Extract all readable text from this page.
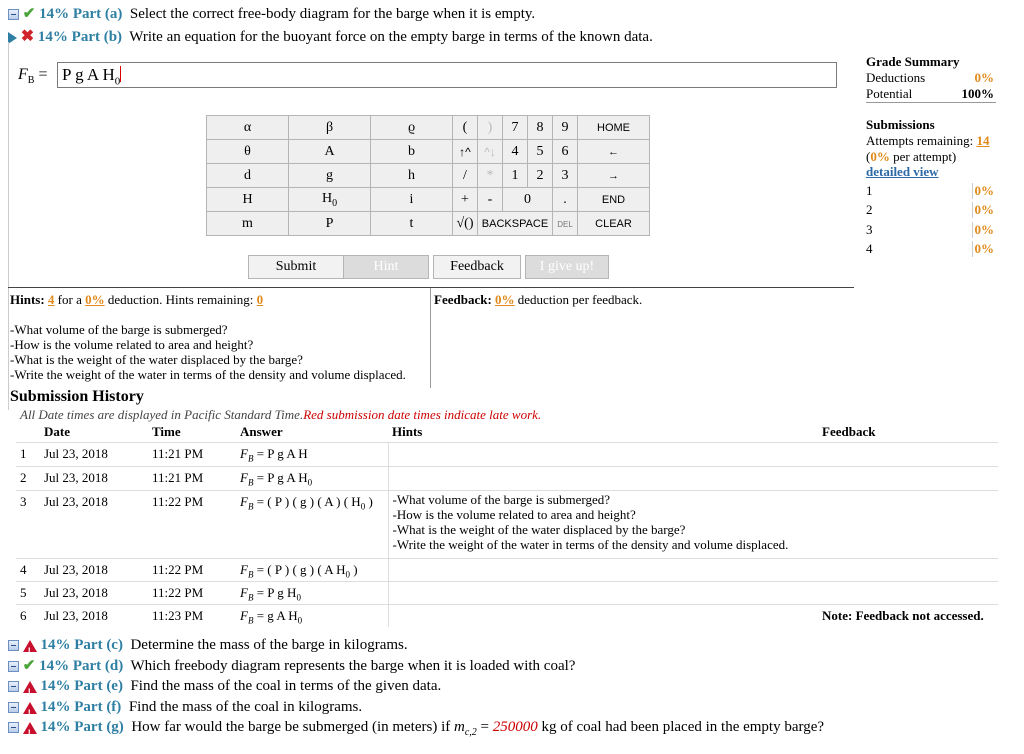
✔ 14% Part (a) Select the correct free-body diagram for the barge when it is empty.
✖ 14% Part (b) Write an equation for the buoyant force on the empty barge in terms of the known data.
$F_B = P$ g A $H_0$
α	β	ϱ	(	)	7	8	9	HOME
θ	A	b	↑^	^↓	4	5	6	←
d	g	h	/	*	1	2	3	→
H	$H_0$	i	+	-	0		.	END
m	P	t	√()	BACKSPACE			DEL	CLEAR
Submit	Hint	Feedback	I give up!
Hints: 4 for a 0% deduction. Hints remaining: 0	Feedback: 0% deduction per feedback.
-What volume of the barge is submerged?
-How is the volume related to area and height?
-What is the weight of the water displaced by the barge?
-Write the weight of the water in terms of the density and volume displaced.
Grade Summary
Deductions	0%
Potential	100%
Submissions
Attempts remaining: 14
(0% per attempt)
detailed view
1	0%
2	0%
3	0%
4	0%
Submission History
All Date times are displayed in Pacific Standard Time.Red submission date times indicate late work.
	Date	Time	Answer	Hints	Feedback
1	Jul 23, 2018	11:21 PM	$F_B = P$ g A H		
2	Jul 23, 2018	11:21 PM	$F_B = P$ g A $H_0$		
3	Jul 23, 2018	11:22 PM	$F_B$ = ( P ) ( g ) ( A ) ( $H_0$ )	-What volume of the barge is submerged?
-How is the volume related to area and height?
-What is the weight of the water displaced by the barge?
-Write the weight of the water in terms of the density and volume displaced.	

4	Jul 23, 2018	11:22 PM	$F_B$ = ( P ) ( g ) ( A $H_0$ )		
5	Jul 23, 2018	11:22 PM	$F_B = P$ g $H_0$		
6	Jul 23, 2018	11:23 PM	$F_B = g$ A $H_0$		Note: Feedback not accessed.
! 14% Part (c) Determine the mass of the barge in kilograms.
✔ 14% Part (d) Which freebody diagram represents the barge when it is loaded with coal?
! 14% Part (e) Find the mass of the coal in terms of the given data.
! 14% Part (f) Find the mass of the coal in kilograms.
! 14% Part (g) How far would the barge be submerged (in meters) if $m_{c,2} = 250000$ kg of coal had been placed in the empty barge?
